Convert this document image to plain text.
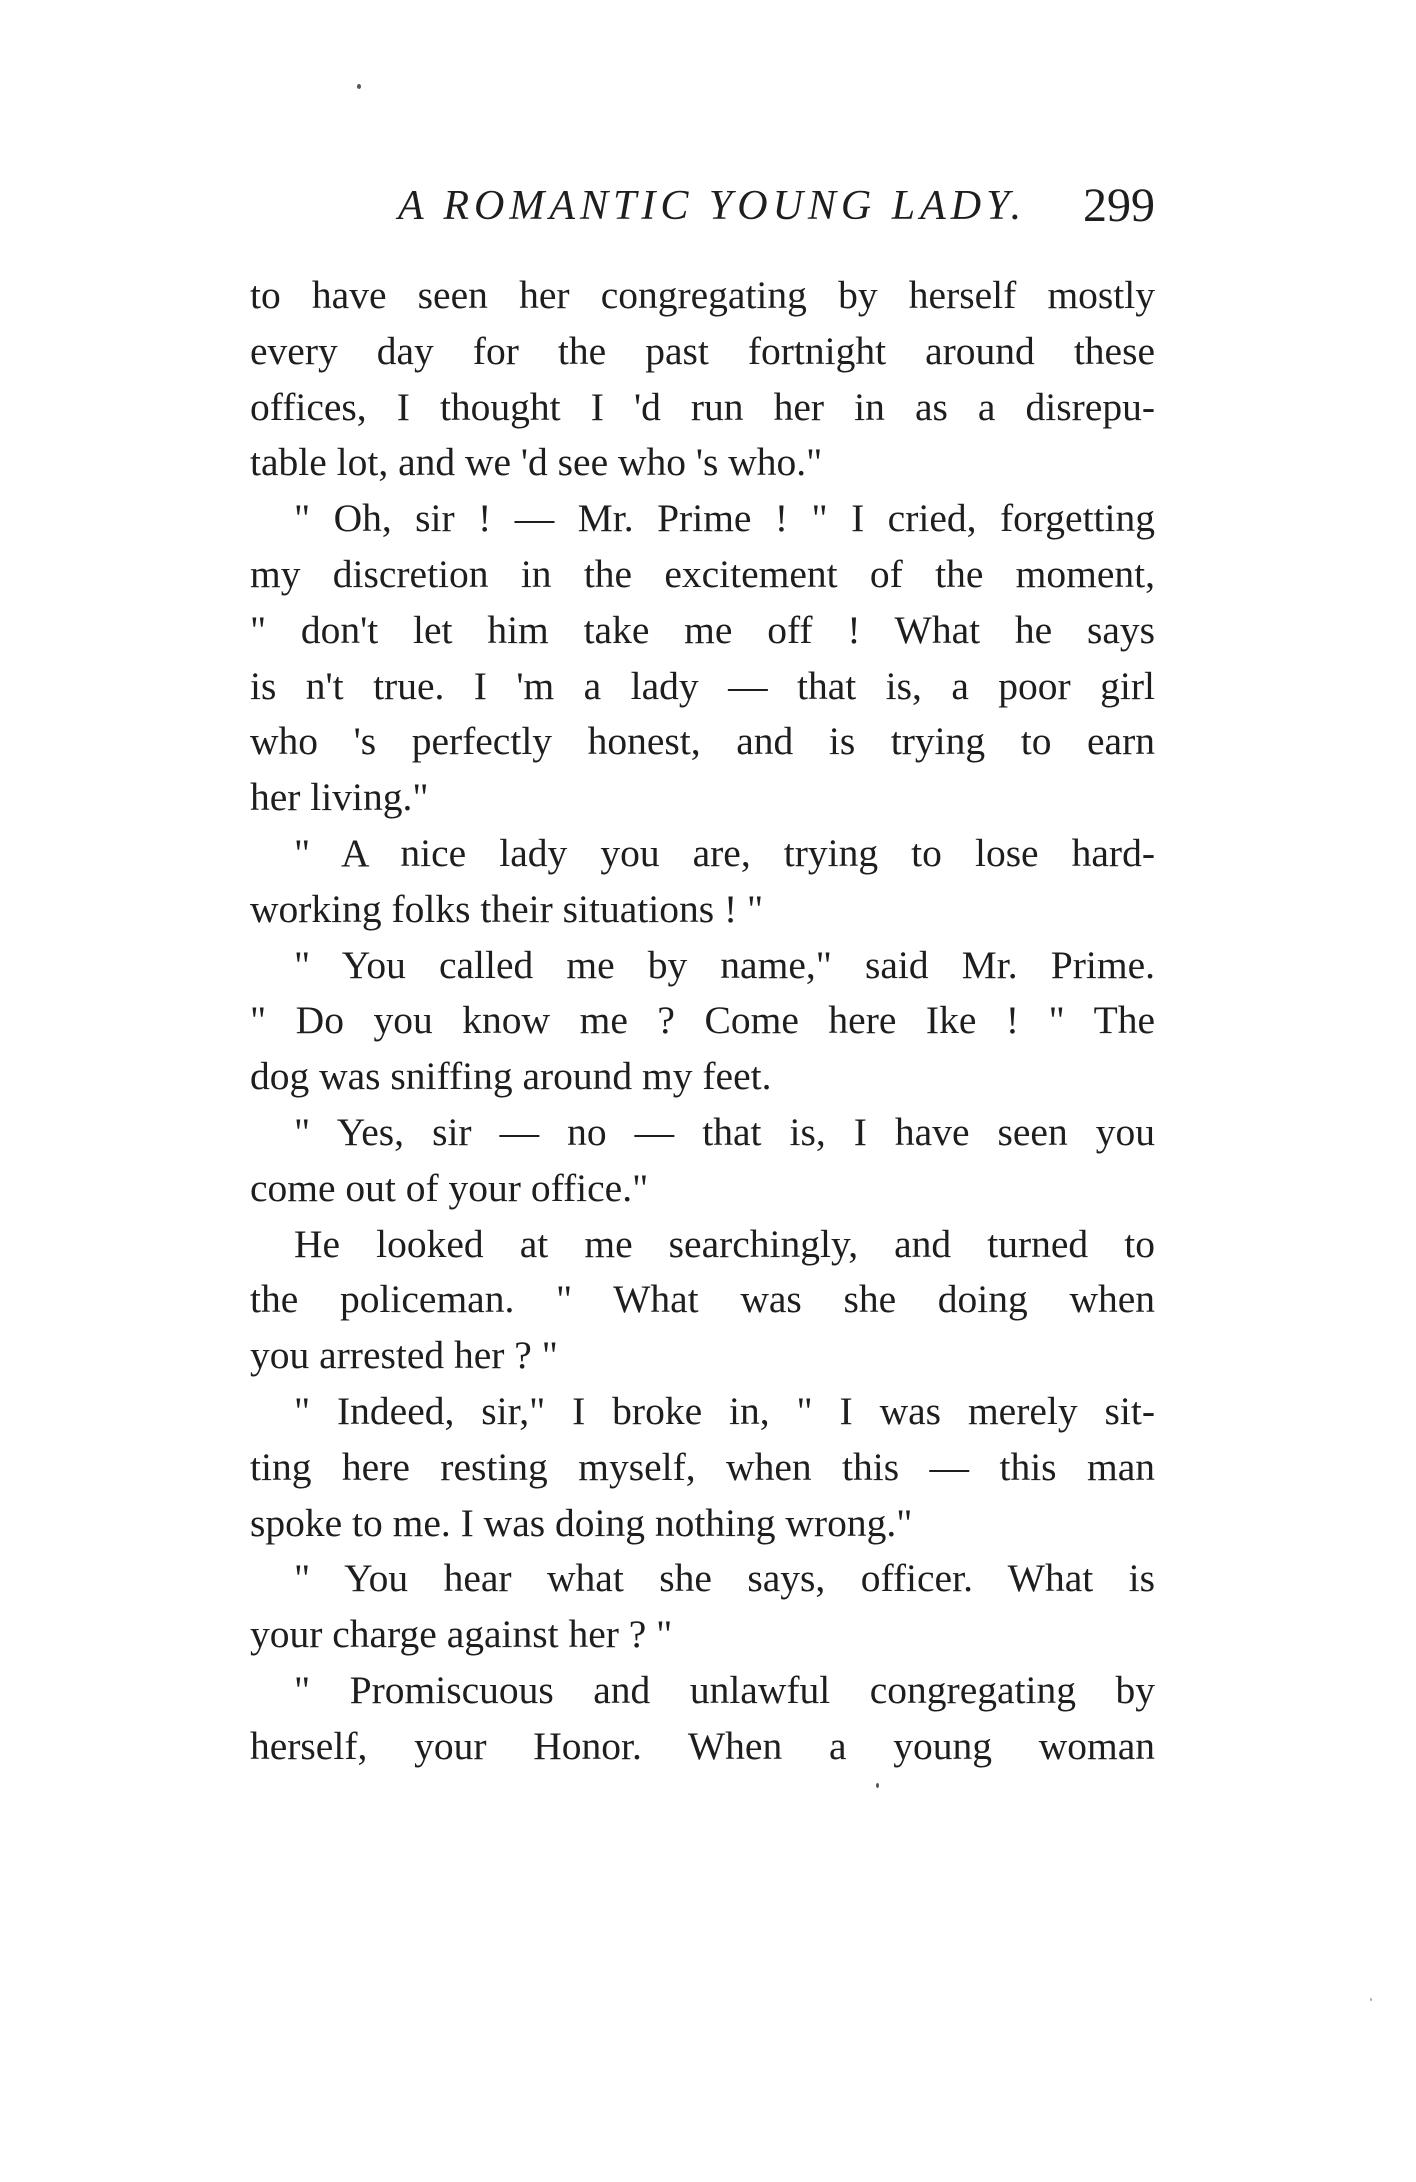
A ROMANTIC YOUNG LADY. 299
to have seen her congregating by herself mostly
every day for the past fortnight around these
offices, I thought I 'd run her in as a disrepu-
table lot, and we 'd see who 's who."
" Oh, sir ! — Mr. Prime ! " I cried, forgetting
my discretion in the excitement of the moment,
" don't let him take me off ! What he says
is n't true. I 'm a lady — that is, a poor girl
who 's perfectly honest, and is trying to earn
her living."
" A nice lady you are, trying to lose hard-
working folks their situations ! "
" You called me by name," said Mr. Prime.
" Do you know me ? Come here Ike ! " The
dog was sniffing around my feet.
" Yes, sir — no — that is, I have seen you
come out of your office."
He looked at me searchingly, and turned to
the policeman. " What was she doing when
you arrested her ? "
" Indeed, sir," I broke in, " I was merely sit-
ting here resting myself, when this — this man
spoke to me. I was doing nothing wrong."
" You hear what she says, officer. What is
your charge against her ? "
" Promiscuous and unlawful congregating by
herself, your Honor. When a young woman
